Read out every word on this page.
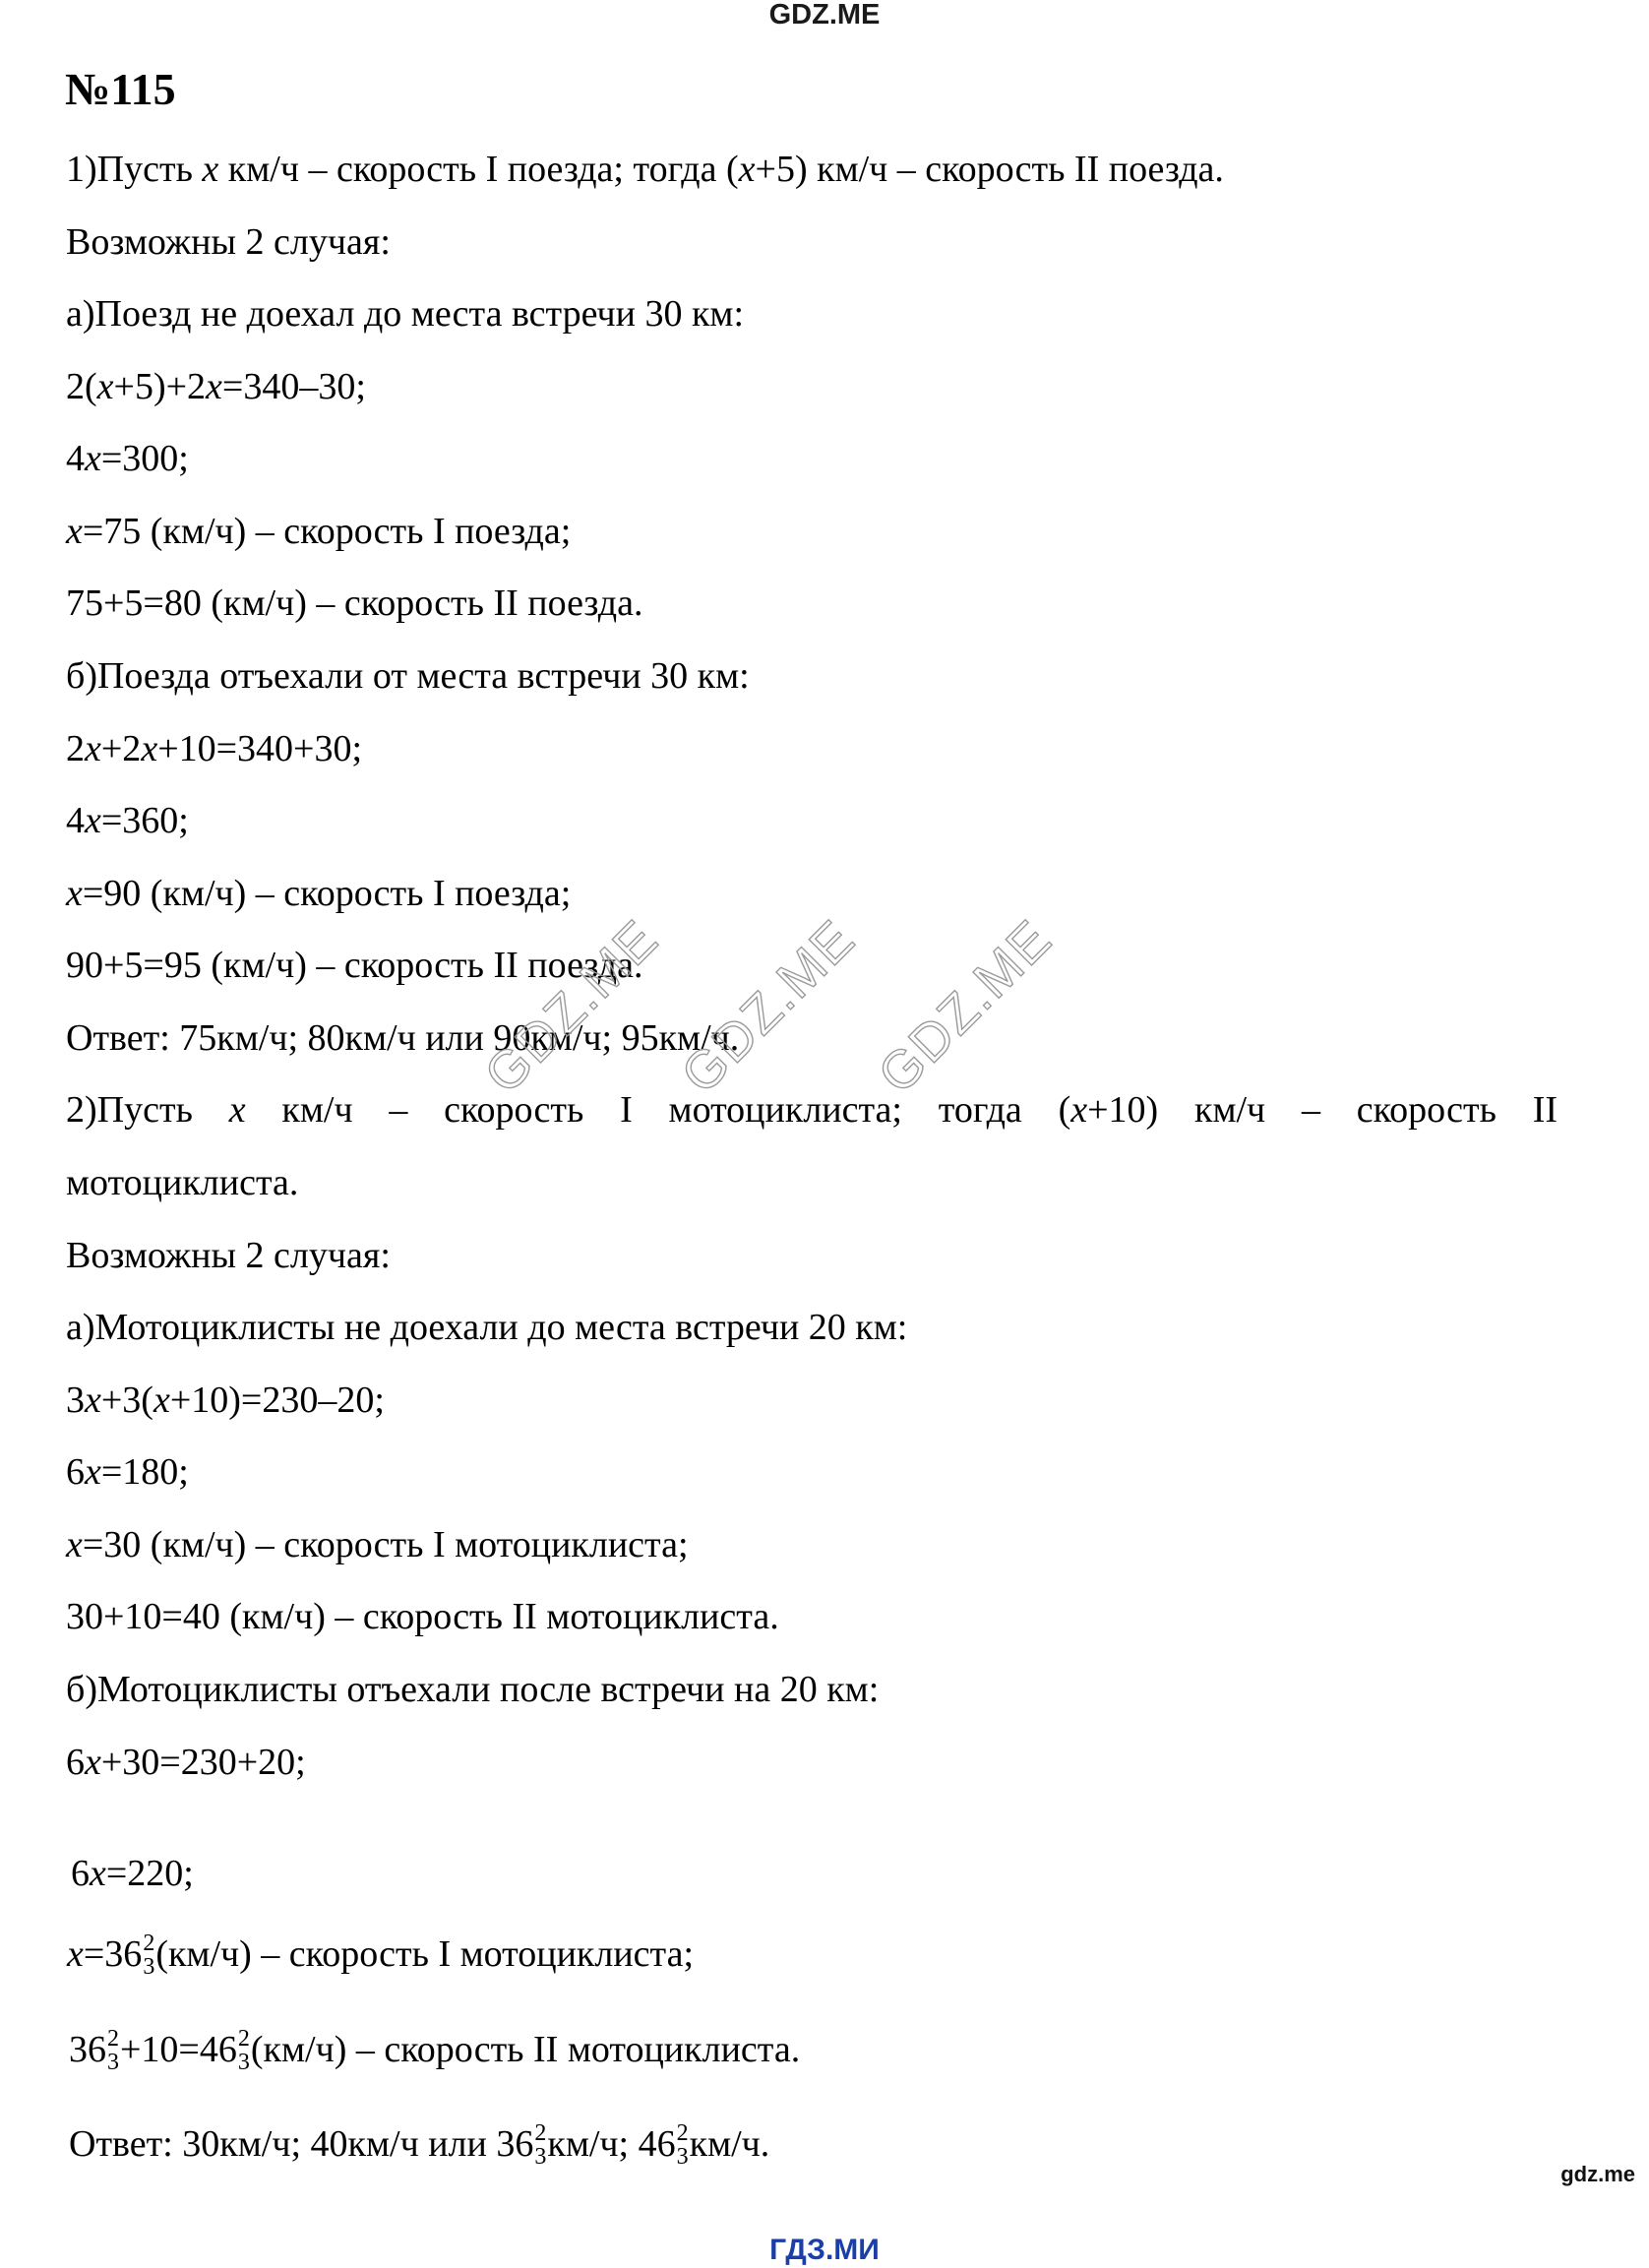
GDZ.ME
№115
1)Пусть x км/ч – скорость I поезда; тогда (x+5) км/ч – скорость II поезда.
Возможны 2 случая:
а)Поезд не доехал до места встречи 30 км:
2(x+5)+2x=340–30;
4x=300;
x=75 (км/ч) – скорость I поезда;
75+5=80 (км/ч) – скорость II поезда.
б)Поезда отъехали от места встречи 30 км:
2x+2x+10=340+30;
4x=360;
x=90 (км/ч) – скорость I поезда;
90+5=95 (км/ч) – скорость II поезда.
Ответ: 75км/ч; 80км/ч или 90км/ч; 95км/ч.
2)Пусть x км/ч – скорость I мотоциклиста; тогда (x+10) км/ч – скорость II
мотоциклиста.
Возможны 2 случая:
а)Мотоциклисты не доехали до места встречи 20 км:
3x+3(x+10)=230–20;
6x=180;
x=30 (км/ч) – скорость I мотоциклиста;
30+10=40 (км/ч) – скорость II мотоциклиста.
б)Мотоциклисты отъехали после встречи на 20 км:
6x+30=230+20;
6x=220;
x=36 2
3 (км/ч) – скорость I мотоциклиста;
36 2
3 +10=46 2
3 (км/ч) – скорость II мотоциклиста.
Ответ: 30км/ч; 40км/ч или 36 2
3 км/ч; 46 2
3 км/ч.
GDZ.ME GDZ.ME GDZ.ME
gdz.me
ГДЗ.МИ
